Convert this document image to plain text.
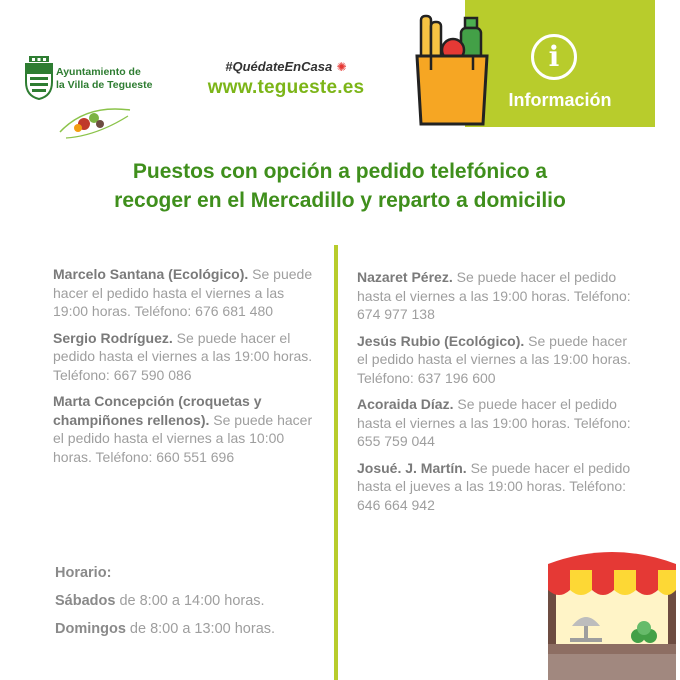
Ayuntamiento de
la Villa de Tegueste
#QuédateEnCasa ✺
www.tegueste.es
i
Información
Puestos con opción a pedido telefónico a
recoger en el Mercadillo y reparto a domicilio
Marcelo Santana (Ecológico). Se puede hacer el pedido hasta el viernes a las 19:00 horas. Teléfono: 676 681 480
Sergio Rodríguez. Se puede hacer el pedido hasta el viernes a las 19:00 horas. Teléfono: 667 590 086
Marta Concepción (croquetas y champiñones rellenos). Se puede hacer el pedido hasta el viernes a las 10:00 horas. Teléfono: 660 551 696
Nazaret Pérez. Se puede hacer el pedido hasta el viernes a las 19:00 horas. Teléfono: 674 977 138
Jesús Rubio (Ecológico). Se puede hacer el pedido hasta el viernes a las 19:00 horas. Teléfono: 637 196 600
Acoraida Díaz. Se puede hacer el pedido hasta el viernes a las 19:00 horas. Teléfono: 655 759 044
Josué. J. Martín. Se puede hacer el pedido hasta el jueves a las 19:00 horas. Teléfono: 646 664 942
Horario:
Sábados de 8:00 a 14:00 horas.
Domingos de 8:00 a 13:00 horas.
